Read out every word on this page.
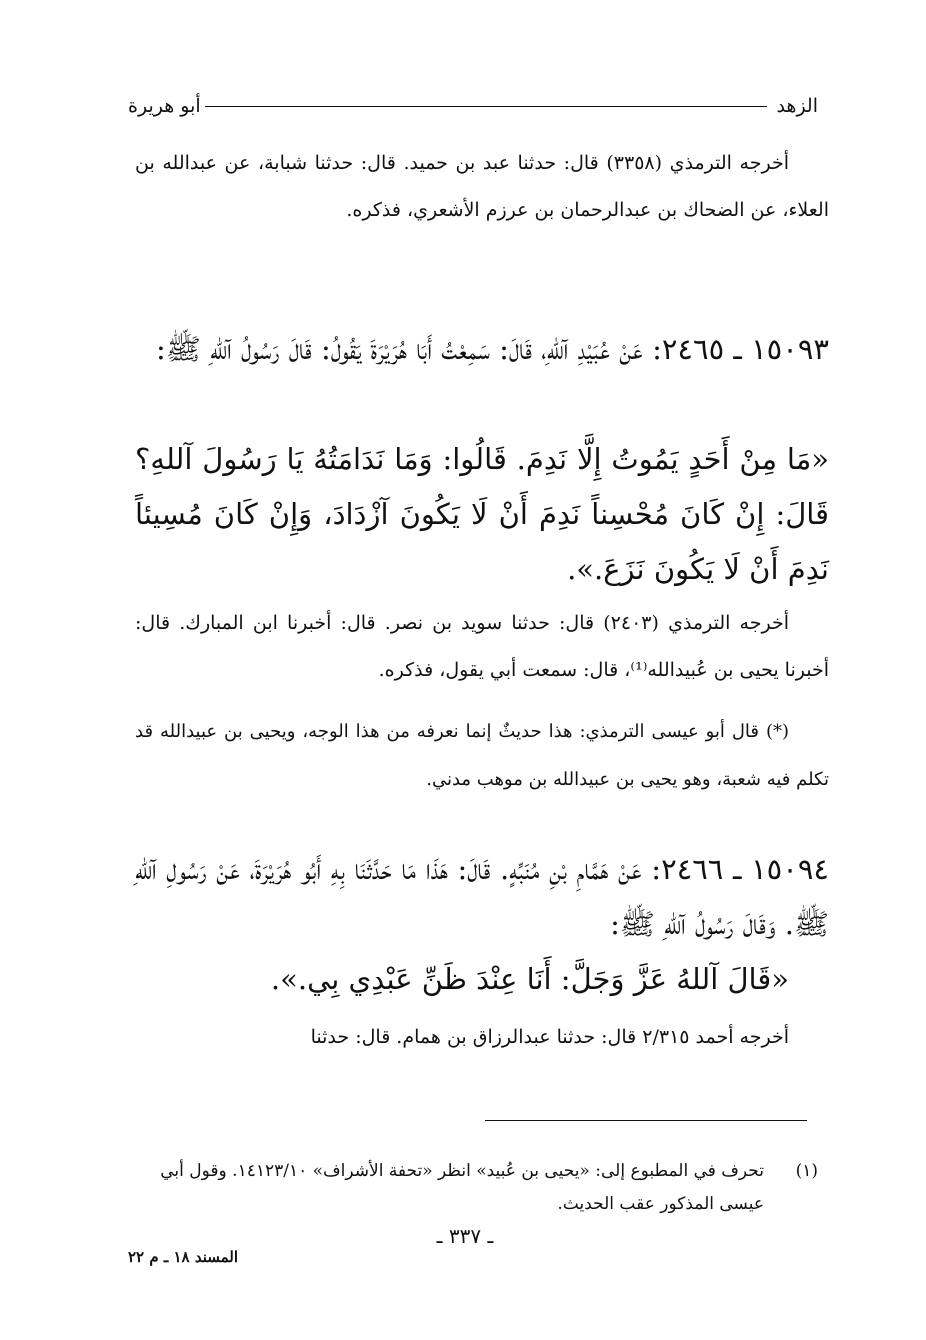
الزهد
أبو هريرة

أخرجه الترمذي (٣٣٥٨) قال: حدثنا عبد بن حميد. قال: حدثنا شبابة، عن عبدالله بن العلاء، عن الضحاك بن عبدالرحمان بن عرزم الأشعري، فذكره.

١٥٠٩٣ ـ ٢٤٦٥: عَنْ عُبَيْدِ آللهِ، قَالَ: سَمِعْتُ أَبَا هُرَيْرَةَ يَقُولُ: قَالَ رَسُولُ آللهِ ﷺ:

«مَا مِنْ أَحَدٍ يَمُوتُ إِلَّا نَدِمَ. قَالُوا: وَمَا نَدَامَتُهُ يَا رَسُولَ آللهِ؟ قَالَ: إِنْ كَانَ مُحْسِناً نَدِمَ أَنْ لَا يَكُونَ آزْدَادَ، وَإِنْ كَانَ مُسِيئاً نَدِمَ أَنْ لَا يَكُونَ نَزَعَ.».

أخرجه الترمذي (٢٤٠٣) قال: حدثنا سويد بن نصر. قال: أخبرنا ابن المبارك. قال: أخبرنا يحيى بن عُبيدالله⁽¹⁾، قال: سمعت أبي يقول، فذكره.

(*) قال أبو عيسى الترمذي: هذا حديثٌ إنما نعرفه من هذا الوجه، ويحيى بن عبيدالله قد تكلم فيه شعبة، وهو يحيى بن عبيدالله بن موهب مدني.

١٥٠٩٤ ـ ٢٤٦٦: عَنْ هَمَّامِ بْنِ مُنَبِّهٍ. قَالَ: هَذَا مَا حَدَّثَنَا بِهِ أَبُو هُرَيْرَةَ، عَنْ رَسُولِ آللهِ ﷺ. وَقَالَ رَسُولُ آللهِ ﷺ:

«قَالَ آللهُ عَزَّ وَجَلَّ: أَنَا عِنْدَ ظَنِّ عَبْدِي بِي.».

أخرجه أحمد ٢/٣١٥ قال: حدثنا عبدالرزاق بن همام. قال: حدثنا

(١)
تحرف في المطبوع إلى: «يحيى بن عُبيد» انظر «تحفة الأشراف» ١٤١٢٣/١٠. وقول أبي عيسى المذكور عقب الحديث.
ـ ٣٣٧ ـ
المسند ١٨ ـ م ٢٢
